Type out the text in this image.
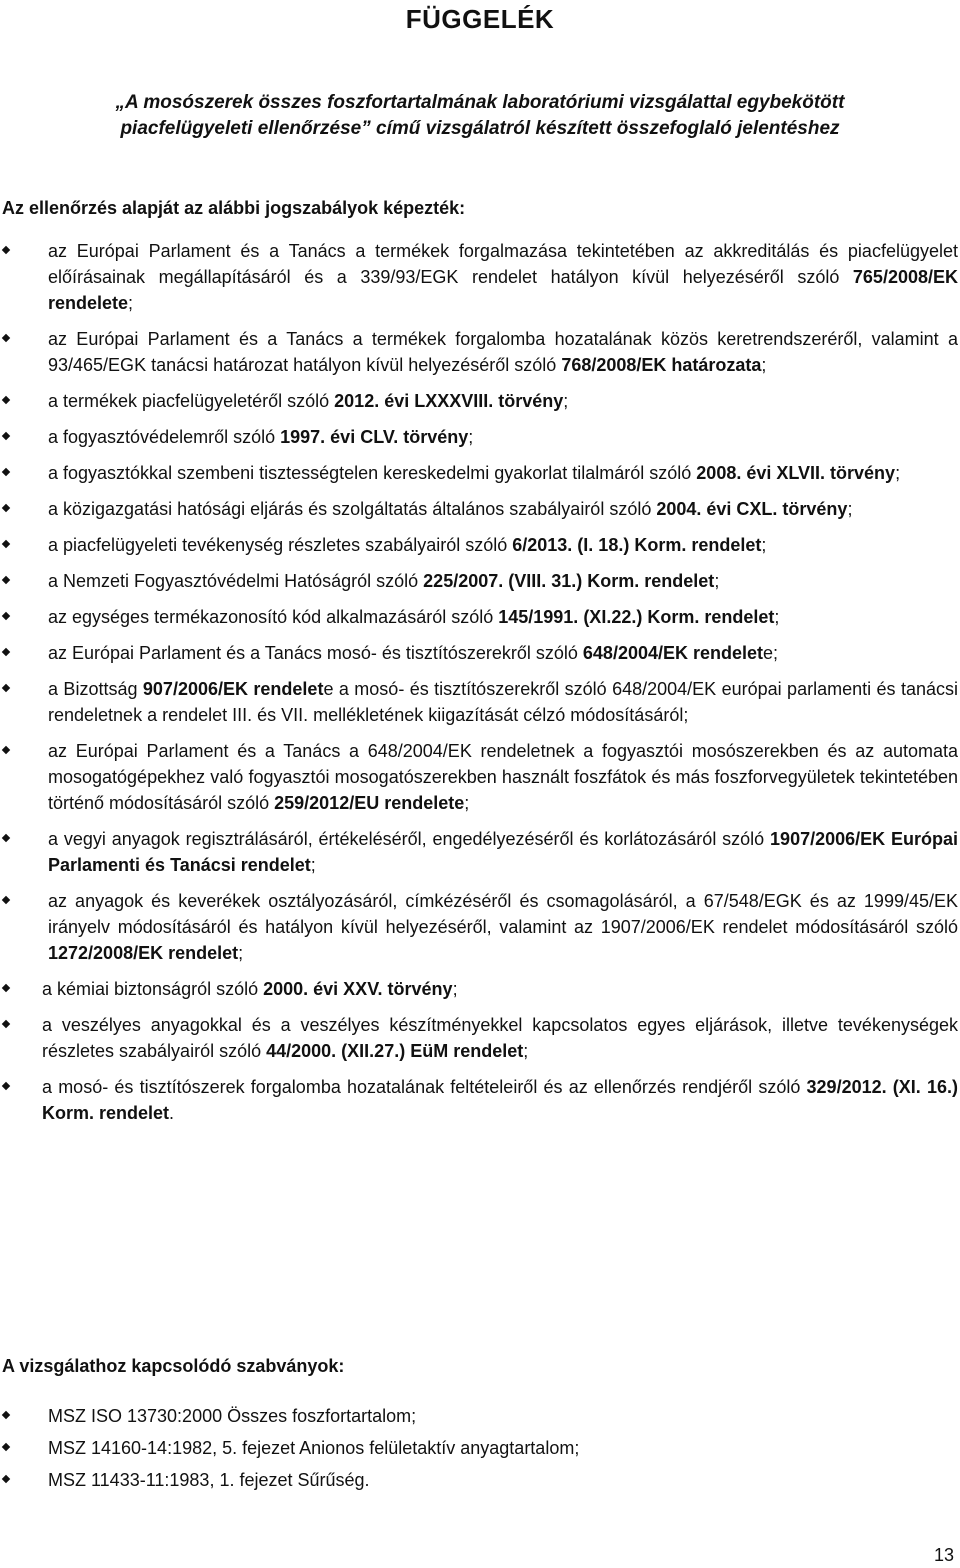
FÜGGELÉK
„A mosószerek összes foszfortartalmának laboratóriumi vizsgálattal egybekötött
piacfelügyeleti ellenőrzése” című vizsgálatról készített összefoglaló jelentéshez
Az ellenőrzés alapját az alábbi jogszabályok képezték:
az Európai Parlament és a Tanács a termékek forgalmazása tekintetében az akkreditálás és piacfelügyelet előírásainak megállapításáról és a 339/93/EGK rendelet hatályon kívül helyezéséről szóló 765/2008/EK rendelete;
az Európai Parlament és a Tanács a termékek forgalomba hozatalának közös keretrendszeréről, valamint a 93/465/EGK tanácsi határozat hatályon kívül helyezéséről szóló 768/2008/EK határozata;
a termékek piacfelügyeletéről szóló 2012. évi LXXXVIII. törvény;
a fogyasztóvédelemről szóló 1997. évi CLV. törvény;
a fogyasztókkal szembeni tisztességtelen kereskedelmi gyakorlat tilalmáról szóló 2008. évi XLVII. törvény;
a közigazgatási hatósági eljárás és szolgáltatás általános szabályairól szóló 2004. évi CXL. törvény;
a piacfelügyeleti tevékenység részletes szabályairól szóló 6/2013. (I. 18.) Korm. rendelet;
a Nemzeti Fogyasztóvédelmi Hatóságról szóló 225/2007. (VIII. 31.) Korm. rendelet;
az egységes termékazonosító kód alkalmazásáról szóló 145/1991. (XI.22.) Korm. rendelet;
az Európai Parlament és a Tanács mosó- és tisztítószerekről szóló 648/2004/EK rendelete;
a Bizottság 907/2006/EK rendelete a mosó- és tisztítószerekről szóló 648/2004/EK európai parlamenti és tanácsi rendeletnek a rendelet III. és VII. mellékletének kiigazítását célzó módosításáról;
az Európai Parlament és a Tanács a 648/2004/EK rendeletnek a fogyasztói mosószerekben és az automata mosogatógépekhez való fogyasztói mosogatószerekben használt foszfátok és más foszforvegyületek tekintetében történő módosításáról szóló 259/2012/EU rendelete;
a vegyi anyagok regisztrálásáról, értékeléséről, engedélyezéséről és korlátozásáról szóló 1907/2006/EK Európai Parlamenti és Tanácsi rendelet;
az anyagok és keverékek osztályozásáról, címkézéséről és csomagolásáról, a 67/548/EGK és az 1999/45/EK irányelv módosításáról és hatályon kívül helyezéséről, valamint az 1907/2006/EK rendelet módosításáról szóló 1272/2008/EK rendelet;
a kémiai biztonságról szóló 2000. évi XXV. törvény;
a veszélyes anyagokkal és a veszélyes készítményekkel kapcsolatos egyes eljárások, illetve tevékenységek részletes szabályairól szóló 44/2000. (XII.27.) EüM rendelet;
a mosó- és tisztítószerek forgalomba hozatalának feltételeiről és az ellenőrzés rendjéről szóló 329/2012. (XI. 16.) Korm. rendelet.
A vizsgálathoz kapcsolódó szabványok:
MSZ ISO 13730:2000 Összes foszfortartalom;
MSZ 14160-14:1982, 5. fejezet Anionos felületaktív anyagtartalom;
MSZ 11433-11:1983, 1. fejezet Sűrűség.
13
